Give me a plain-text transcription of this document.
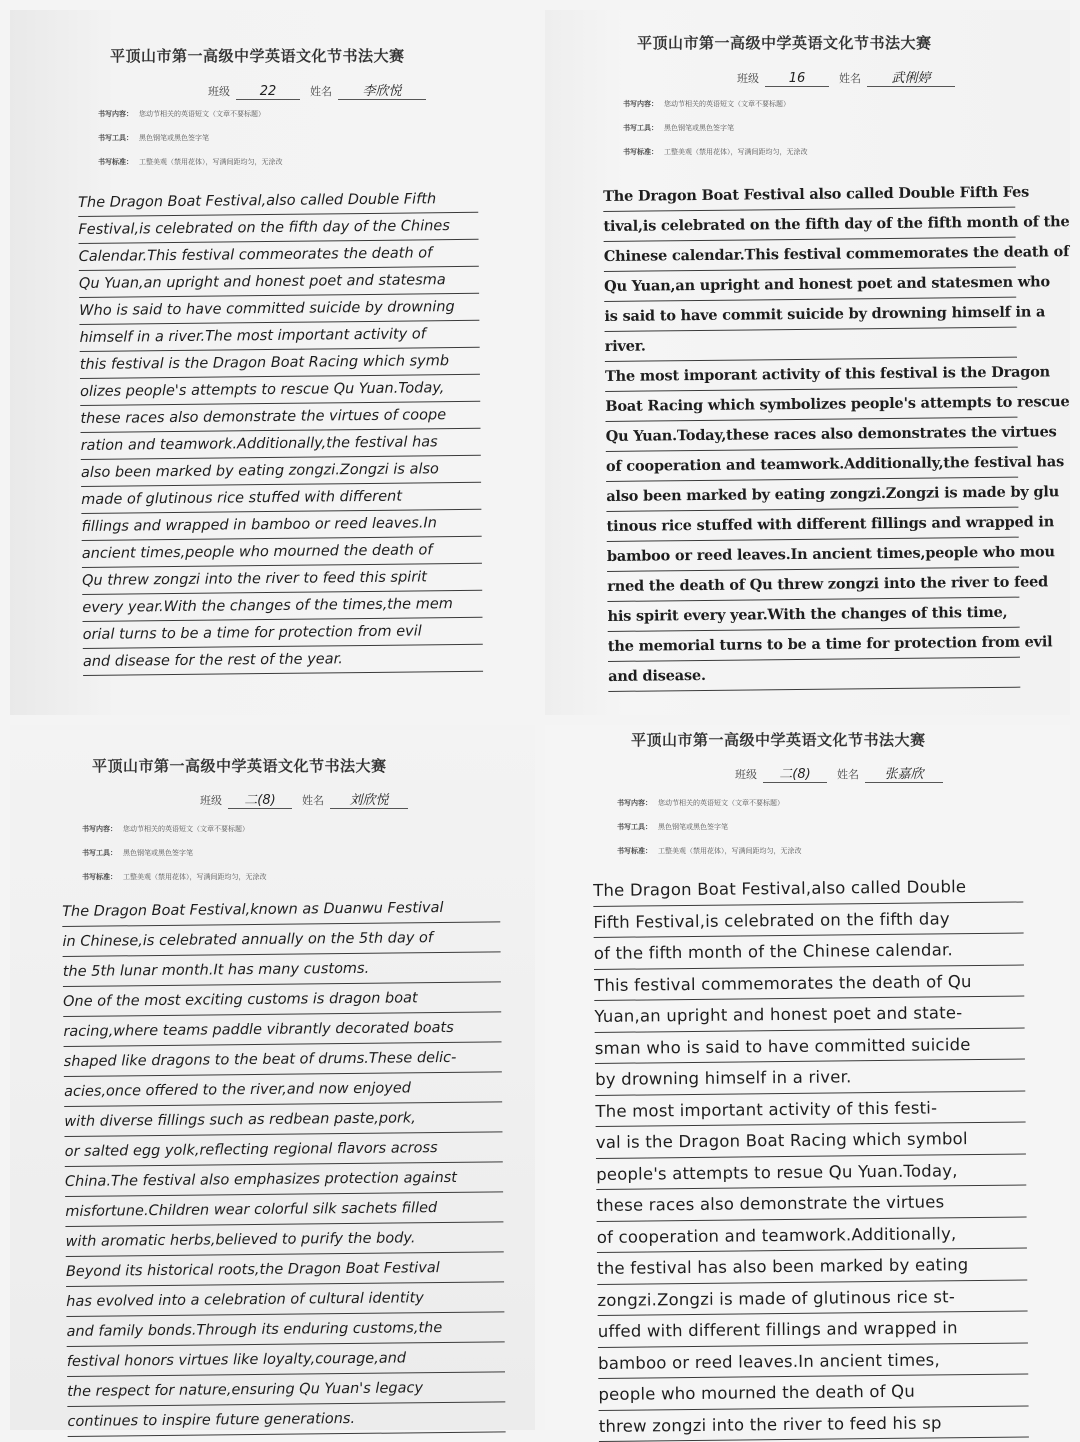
平顶山市第一高级中学英语文化节书法大赛
班级 22	姓名 李欣悦
书写内容： 您动节相关的英语短文（文章不要标题）
书写工具： 黑色钢笔或黑色签字笔
书写标准： 工整美观（禁用花体），写满间距均匀，无涂改
The Dragon Boat Festival,also called Double Fifth
Festival,is celebrated on the fifth day of the Chines
Calendar.This festival commeorates the death of
Qu Yuan,an upright and honest poet and statesma
Who is said to have committed suicide by drowning
himself in a river.The most important activity of
this festival is the Dragon Boat Racing which symb
olizes people's attempts to rescue Qu Yuan.Today,
these races also demonstrate the virtues of coope
ration and teamwork.Additionally,the festival has
also been marked by eating zongzi.Zongzi is also
made of glutinous rice stuffed with different
fillings and wrapped in bamboo or reed leaves.In
ancient times,people who mourned the death of
Qu threw zongzi into the river to feed this spirit
every year.With the changes of the times,the mem
orial turns to be a time for protection from evil
and disease for the rest of the year.
平顶山市第一高级中学英语文化节书法大赛
班级 16	姓名 武俐婷
书写内容： 您动节相关的英语短文（文章不要标题）
书写工具： 黑色钢笔或黑色签字笔
书写标准： 工整美观（禁用花体），写满间距均匀，无涂改
The Dragon Boat Festival also called Double Fifth Fes
tival,is celebrated on the fifth day of the fifth month of the
Chinese calendar.This festival commemorates the death of
Qu Yuan,an upright and honest poet and statesmen who
is said to have commit suicide by drowning himself in a
river.
The most imporant activity of this festival is the Dragon
Boat Racing which symbolizes people's attempts to rescue
Qu Yuan.Today,these races also demonstrates the virtues
of cooperation and teamwork.Additionally,the festival has
also been marked by eating zongzi.Zongzi is made by glu
tinous rice stuffed with different fillings and wrapped in
bamboo or reed leaves.In ancient times,people who mou
rned the death of Qu threw zongzi into the river to feed
his spirit every year.With the changes of this time,
the memorial turns to be a time for protection from evil
and disease.
平顶山市第一高级中学英语文化节书法大赛
班级 二(8) 姓名 刘欣悦
书写内容： 您动节相关的英语短文（文章不要标题）
书写工具： 黑色钢笔或黑色签字笔
书写标准： 工整美观（禁用花体），写满间距均匀，无涂改
The Dragon Boat Festival,known as Duanwu Festival
in Chinese,is celebrated annually on the 5th day of
the 5th lunar month.It has many customs.
One of the most exciting customs is dragon boat
racing,where teams paddle vibrantly decorated boats
shaped like dragons to the beat of drums.These delic-
acies,once offered to the river,and now enjoyed
with diverse fillings such as redbean paste,pork,
or salted egg yolk,reflecting regional flavors across
China.The festival also emphasizes protection against
misfortune.Children wear colorful silk sachets filled
with aromatic herbs,believed to purify the body.
Beyond its historical roots,the Dragon Boat Festival
has evolved into a celebration of cultural identity
and family bonds.Through its enduring customs,the
festival honors virtues like loyalty,courage,and
the respect for nature,ensuring Qu Yuan's legacy
continues to inspire future generations.
平顶山市第一高级中学英语文化节书法大赛
班级 二(8) 姓名 张嘉欣
书写内容： 您动节相关的英语短文（文章不要标题）
书写工具： 黑色钢笔或黑色签字笔
书写标准： 工整美观（禁用花体），写满间距均匀，无涂改
The Dragon Boat Festival,also called Double
Fifth Festival,is celebrated on the fifth day
of the fifth month of the Chinese calendar.
This festival commemorates the death of Qu
Yuan,an upright and honest poet and state-
sman who is said to have committed suicide
by drowning himself in a river.
The most important activity of this festi-
val is the Dragon Boat Racing which symbol
people's attempts to resue Qu Yuan.Today,
these races also demonstrate the virtues
of cooperation and teamwork.Additionally,
the festival has also been marked by eating
zongzi.Zongzi is made of glutinous rice st-
uffed with different fillings and wrapped in
bamboo or reed leaves.In ancient times,
people who mourned the death of Qu
threw zongzi into the river to feed his sp
